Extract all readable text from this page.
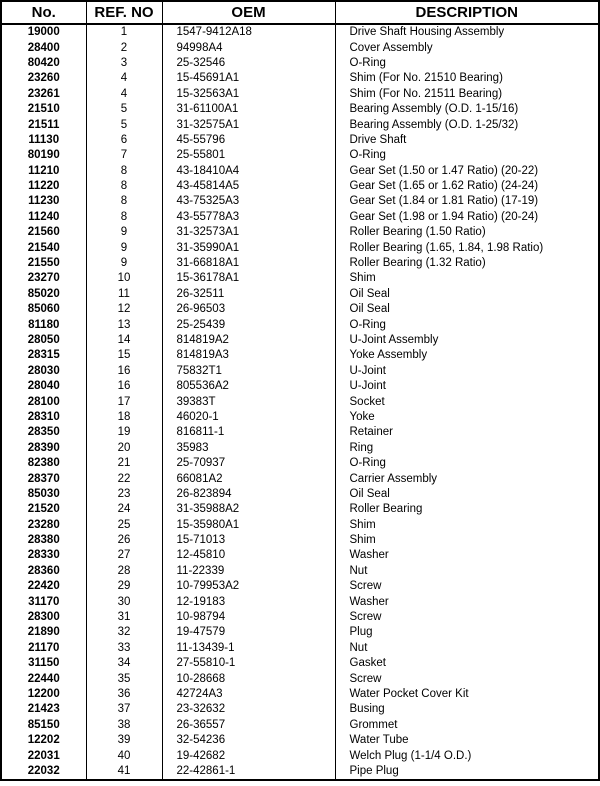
No.	REF. NO	OEM	DESCRIPTION
19000	1	1547-9412A18	Drive Shaft Housing Assembly
28400	2	94998A4	Cover Assembly
80420	3	25-32546	O-Ring
23260	4	15-45691A1	Shim (For No. 21510 Bearing)
23261	4	15-32563A1	Shim (For No. 21511 Bearing)
21510	5	31-61100A1	Bearing Assembly (O.D. 1-15/16)
21511	5	31-32575A1	Bearing Assembly (O.D. 1-25/32)
11130	6	45-55796	Drive Shaft
80190	7	25-55801	O-Ring
11210	8	43-18410A4	Gear Set (1.50 or 1.47 Ratio) (20-22)
11220	8	43-45814A5	Gear Set (1.65 or 1.62 Ratio) (24-24)
11230	8	43-75325A3	Gear Set (1.84 or 1.81 Ratio) (17-19)
11240	8	43-55778A3	Gear Set (1.98 or 1.94 Ratio) (20-24)
21560	9	31-32573A1	Roller Bearing (1.50 Ratio)
21540	9	31-35990A1	Roller Bearing (1.65, 1.84, 1.98 Ratio)
21550	9	31-66818A1	Roller Bearing (1.32 Ratio)
23270	10	15-36178A1	Shim
85020	11	26-32511	Oil Seal
85060	12	26-96503	Oil Seal
81180	13	25-25439	O-Ring
28050	14	814819A2	U-Joint Assembly
28315	15	814819A3	Yoke Assembly
28030	16	75832T1	U-Joint
28040	16	805536A2	U-Joint
28100	17	39383T	Socket
28310	18	46020-1	Yoke
28350	19	816811-1	Retainer
28390	20	35983	Ring
82380	21	25-70937	O-Ring
28370	22	66081A2	Carrier Assembly
85030	23	26-823894	Oil Seal
21520	24	31-35988A2	Roller Bearing
23280	25	15-35980A1	Shim
28380	26	15-71013	Shim
28330	27	12-45810	Washer
28360	28	11-22339	Nut
22420	29	10-79953A2	Screw
31170	30	12-19183	Washer
28300	31	10-98794	Screw
21890	32	19-47579	Plug
21170	33	11-13439-1	Nut
31150	34	27-55810-1	Gasket
22440	35	10-28668	Screw
12200	36	42724A3	Water Pocket Cover Kit
21423	37	23-32632	Busing
85150	38	26-36557	Grommet
12202	39	32-54236	Water Tube
22031	40	19-42682	Welch Plug (1-1/4 O.D.)
22032	41	22-42861-1	Pipe Plug
